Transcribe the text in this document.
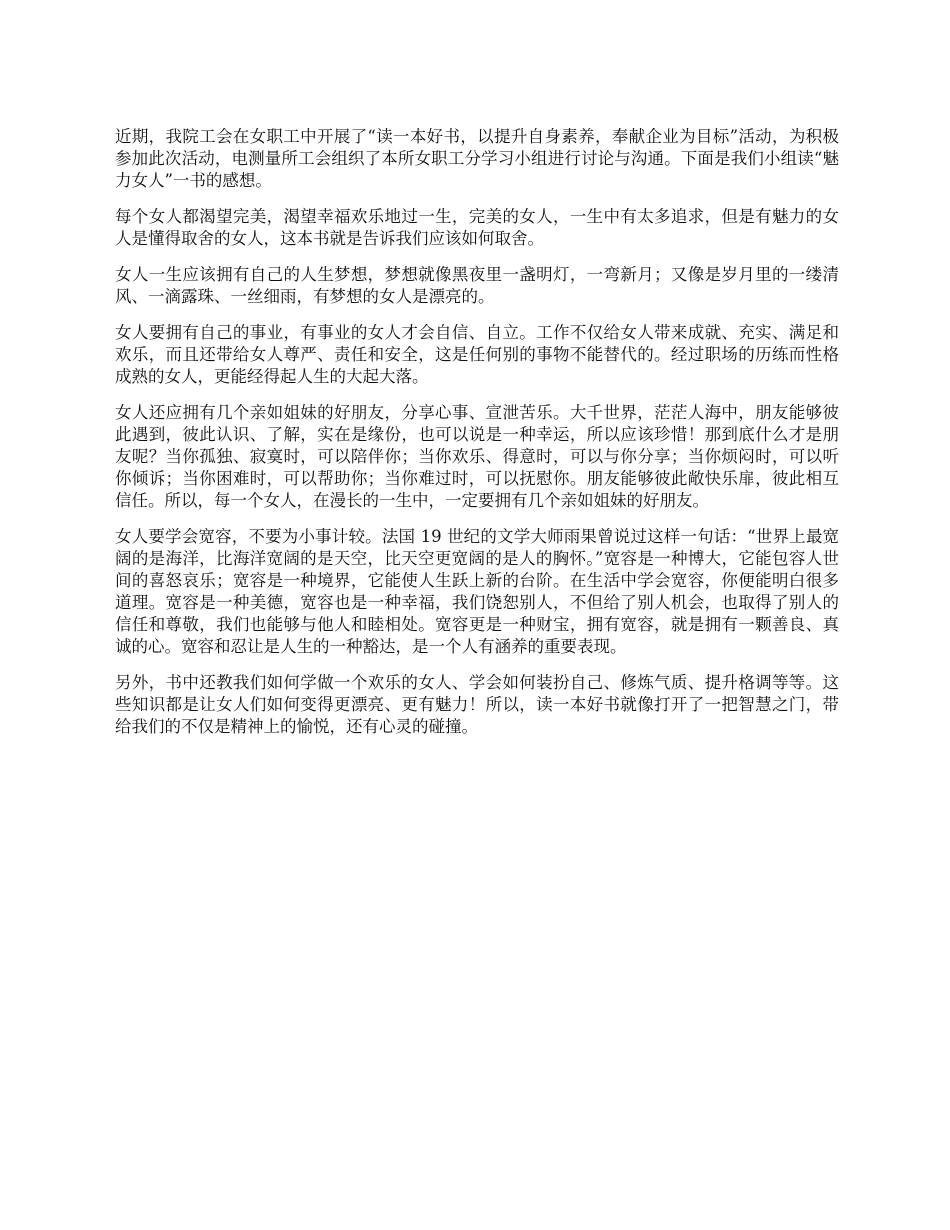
近期，我院工会在女职工中开展了“读一本好书，以提升自身素养，奉献企业为目标”活动，为积极参加此次活动，电测量所工会组织了本所女职工分学习小组进行讨论与沟通。下面是我们小组读“魅力女人”一书的感想。

每个女人都渴望完美，渴望幸福欢乐地过一生，完美的女人，一生中有太多追求，但是有魅力的女人是懂得取舍的女人，这本书就是告诉我们应该如何取舍。

女人一生应该拥有自己的人生梦想，梦想就像黑夜里一盏明灯，一弯新月；又像是岁月里的一缕清风、一滴露珠、一丝细雨，有梦想的女人是漂亮的。

女人要拥有自己的事业，有事业的女人才会自信、自立。工作不仅给女人带来成就、充实、满足和欢乐，而且还带给女人尊严、责任和安全，这是任何别的事物不能替代的。经过职场的历练而性格成熟的女人，更能经得起人生的大起大落。

女人还应拥有几个亲如姐妹的好朋友，分享心事、宣泄苦乐。大千世界，茫茫人海中，朋友能够彼此遇到，彼此认识、了解，实在是缘份，也可以说是一种幸运，所以应该珍惜！那到底什么才是朋友呢？当你孤独、寂寞时，可以陪伴你；当你欢乐、得意时，可以与你分享；当你烦闷时，可以听你倾诉；当你困难时，可以帮助你；当你难过时，可以抚慰你。朋友能够彼此敞快乐扉，彼此相互信任。所以，每一个女人，在漫长的一生中，一定要拥有几个亲如姐妹的好朋友。

女人要学会宽容，不要为小事计较。法国 19 世纪的文学大师雨果曾说过这样一句话：“世界上最宽阔的是海洋，比海洋宽阔的是天空，比天空更宽阔的是人的胸怀。”宽容是一种博大，它能包容人世间的喜怒哀乐；宽容是一种境界，它能使人生跃上新的台阶。在生活中学会宽容，你便能明白很多道理。宽容是一种美德，宽容也是一种幸福，我们饶恕别人，不但给了别人机会，也取得了别人的信任和尊敬，我们也能够与他人和睦相处。宽容更是一种财宝，拥有宽容，就是拥有一颗善良、真诚的心。宽容和忍让是人生的一种豁达，是一个人有涵养的重要表现。

另外，书中还教我们如何学做一个欢乐的女人、学会如何装扮自己、修炼气质、提升格调等等。这些知识都是让女人们如何变得更漂亮、更有魅力！所以，读一本好书就像打开了一把智慧之门，带给我们的不仅是精神上的愉悦，还有心灵的碰撞。
